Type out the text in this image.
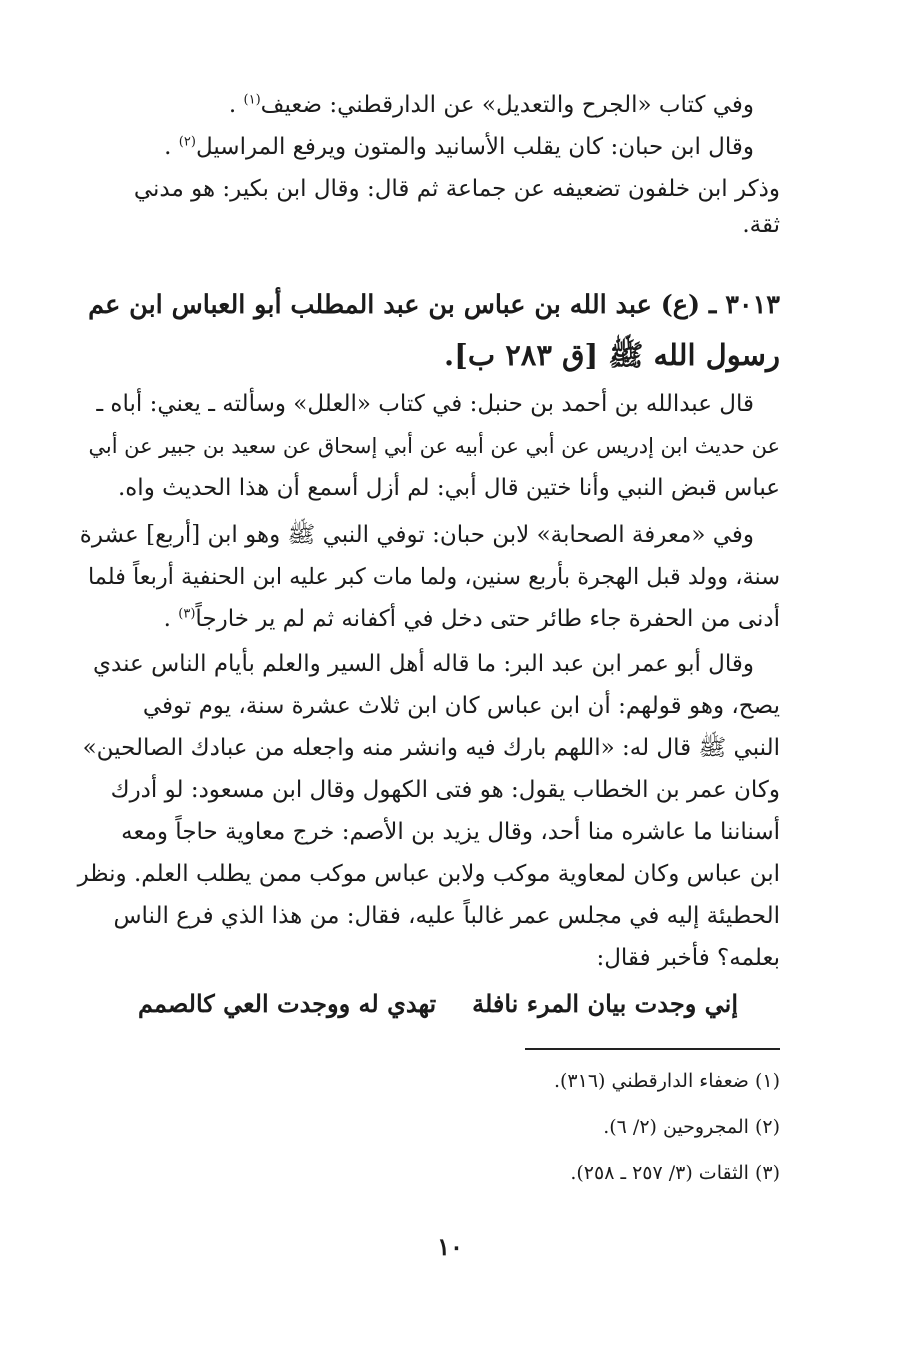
وفي كتاب «الجرح والتعديل» عن الدارقطني: ضعيف$^{(١)}$ .
وقال ابن حبان: كان يقلب الأسانيد والمتون ويرفع المراسيل$^{(٢)}$ .
وذكر ابن خلفون تضعيفه عن جماعة ثم قال: وقال ابن بكير: هو مدني
ثقة.
٣٠١٣ ـ (ع) عبد الله بن عباس بن عبد المطلب أبو العباس ابن عم
رسول الله ﷺ [ق ٢٨٣ ب].
قال عبدالله بن أحمد بن حنبل: في كتاب «العلل» وسألته ـ يعني: أباه ـ
عن حديث ابن إدريس عن أبي عن أبيه عن أبي إسحاق عن سعيد بن جبير عن أبي
عباس قبض النبي وأنا ختين قال أبي: لم أزل أسمع أن هذا الحديث واه.
وفي «معرفة الصحابة» لابن حبان: توفي النبي ﷺ وهو ابن [أربع] عشرة
سنة، وولد قبل الهجرة بأربع سنين، ولما مات كبر عليه ابن الحنفية أربعاً فلما
أدنى من الحفرة جاء طائر حتى دخل في أكفانه ثم لم ير خارجاً$^{(٣)}$ .
وقال أبو عمر ابن عبد البر: ما قاله أهل السير والعلم بأيام الناس عندي
يصح، وهو قولهم: أن ابن عباس كان ابن ثلاث عشرة سنة، يوم توفي
النبي ﷺ قال له: «اللهم بارك فيه وانشر منه واجعله من عبادك الصالحين»
وكان عمر بن الخطاب يقول: هو فتى الكهول وقال ابن مسعود: لو أدرك
أسناننا ما عاشره منا أحد، وقال يزيد بن الأصم: خرج معاوية حاجاً ومعه
ابن عباس وكان لمعاوية موكب ولابن عباس موكب ممن يطلب العلم. ونظر
الحطيئة إليه في مجلس عمر غالباً عليه، فقال: من هذا الذي فرع الناس
بعلمه؟ فأخبر فقال:
إني وجدت بيان المرء نافلة
تهدي له ووجدت العي كالصمم
(١) ضعفاء الدارقطني (٣١٦).
(٢) المجروحين (٢/ ٦).
(٣) الثقات (٣/ ٢٥٧ ـ ٢٥٨).
١٠
